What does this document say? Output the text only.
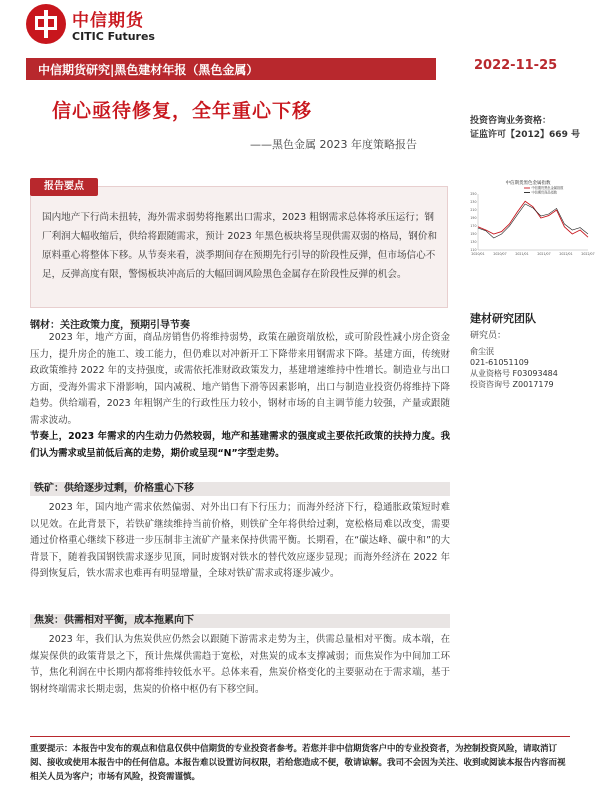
中信期货
CITIC Futures
中信期货研究|黑色建材年报（黑色金属）	2022-11-25
信心亟待修复，全年重心下移
——黑色金属 2023 年度策略报告
投资咨询业务资格：
证监许可【2012】669 号
报告要点
国内地产下行尚未扭转，海外需求弱势将拖累出口需求，2023 粗钢需求总体将承压运行；钢厂利润大幅收缩后，供给将跟随需求，预计 2023 年黑色板块将呈现供需双弱的格局，钢价和原料重心将整体下移。从节奏来看，淡季期间存在预期先行引导的阶段性反弹，但市场信心不足，反弹高度有限，警惕板块冲高后的大幅回调风险黑色金属存在阶段性反弹的机会。
中信期货黑色金属指数
中信期货黑色金属指数
中信期货商品指数
110
130
150
170
190
210
230
250
2020/01	2020/07	2021/01	2021/07	2022/01	2022/07
建材研究团队
研究员：
俞尘泯
021-61051109
从业资格号 F03093484
投资咨询号 Z0017179
钢材：关注政策力度，预期引导节奏
2023 年，地产方面，商品房销售仍将维持弱势，政策在融资端放松，或可阶段性减小房企资金压力，提升房企的施工、竣工能力，但仍难以对冲新开工下降带来用钢需求下降。基建方面，传统财政政策维持 2022 年的支持强度，或需依托准财政政策发力，基建增速维持中性增长。制造业与出口方面，受海外需求下滑影响，国内减税、地产销售下滑等因素影响，出口与制造业投资仍将维持下降趋势。供给端看，2023 年粗钢产生的行政性压力较小，钢材市场的自主调节能力较强，产量或跟随需求波动。
节奏上，2023 年需求的内生动力仍然较弱，地产和基建需求的强度或主要依托政策的扶持力度。我们认为需求或呈前低后高的走势，期价或呈现“N”字型走势。
铁矿：供给逐步过剩，价格重心下移
2023 年，国内地产需求依然偏弱、对外出口有下行压力；而海外经济下行，稳通胀政策短时难以见效。在此背景下，若铁矿继续维持当前价格，则铁矿全年将供给过剩，宽松格局难以改变，需要通过价格重心继续下移进一步压制非主流矿产量来保持供需平衡。长期看，在“碳达峰、碳中和”的大背景下，随着我国钢铁需求逐步见顶，同时废钢对铁水的替代效应逐步显现；而海外经济在 2022 年得到恢复后，铁水需求也难再有明显增量，全球对铁矿需求或将逐步减少。
焦炭：供需相对平衡，成本拖累向下
2023 年，我们认为焦炭供应仍然会以跟随下游需求走势为主，供需总量相对平衡。成本端，在煤炭保供的政策背景之下，预计焦煤供需趋于宽松，对焦炭的成本支撑减弱；而焦炭作为中间加工环节，焦化利润在中长期内都将维持较低水平。总体来看，焦炭价格变化的主要驱动在于需求端，基于钢材终端需求长期走弱，焦炭的价格中枢仍有下移空间。
重要提示：本报告中发布的观点和信息仅供中信期货的专业投资者参考。若您并非中信期货客户中的专业投资者，为控制投资风险，请取消订阅、接收或使用本报告中的任何信息。本报告难以设置访问权限，若给您造成不便，敬请谅解。我司不会因为关注、收到或阅读本报告内容而视相关人员为客户；市场有风险，投资需谨慎。
